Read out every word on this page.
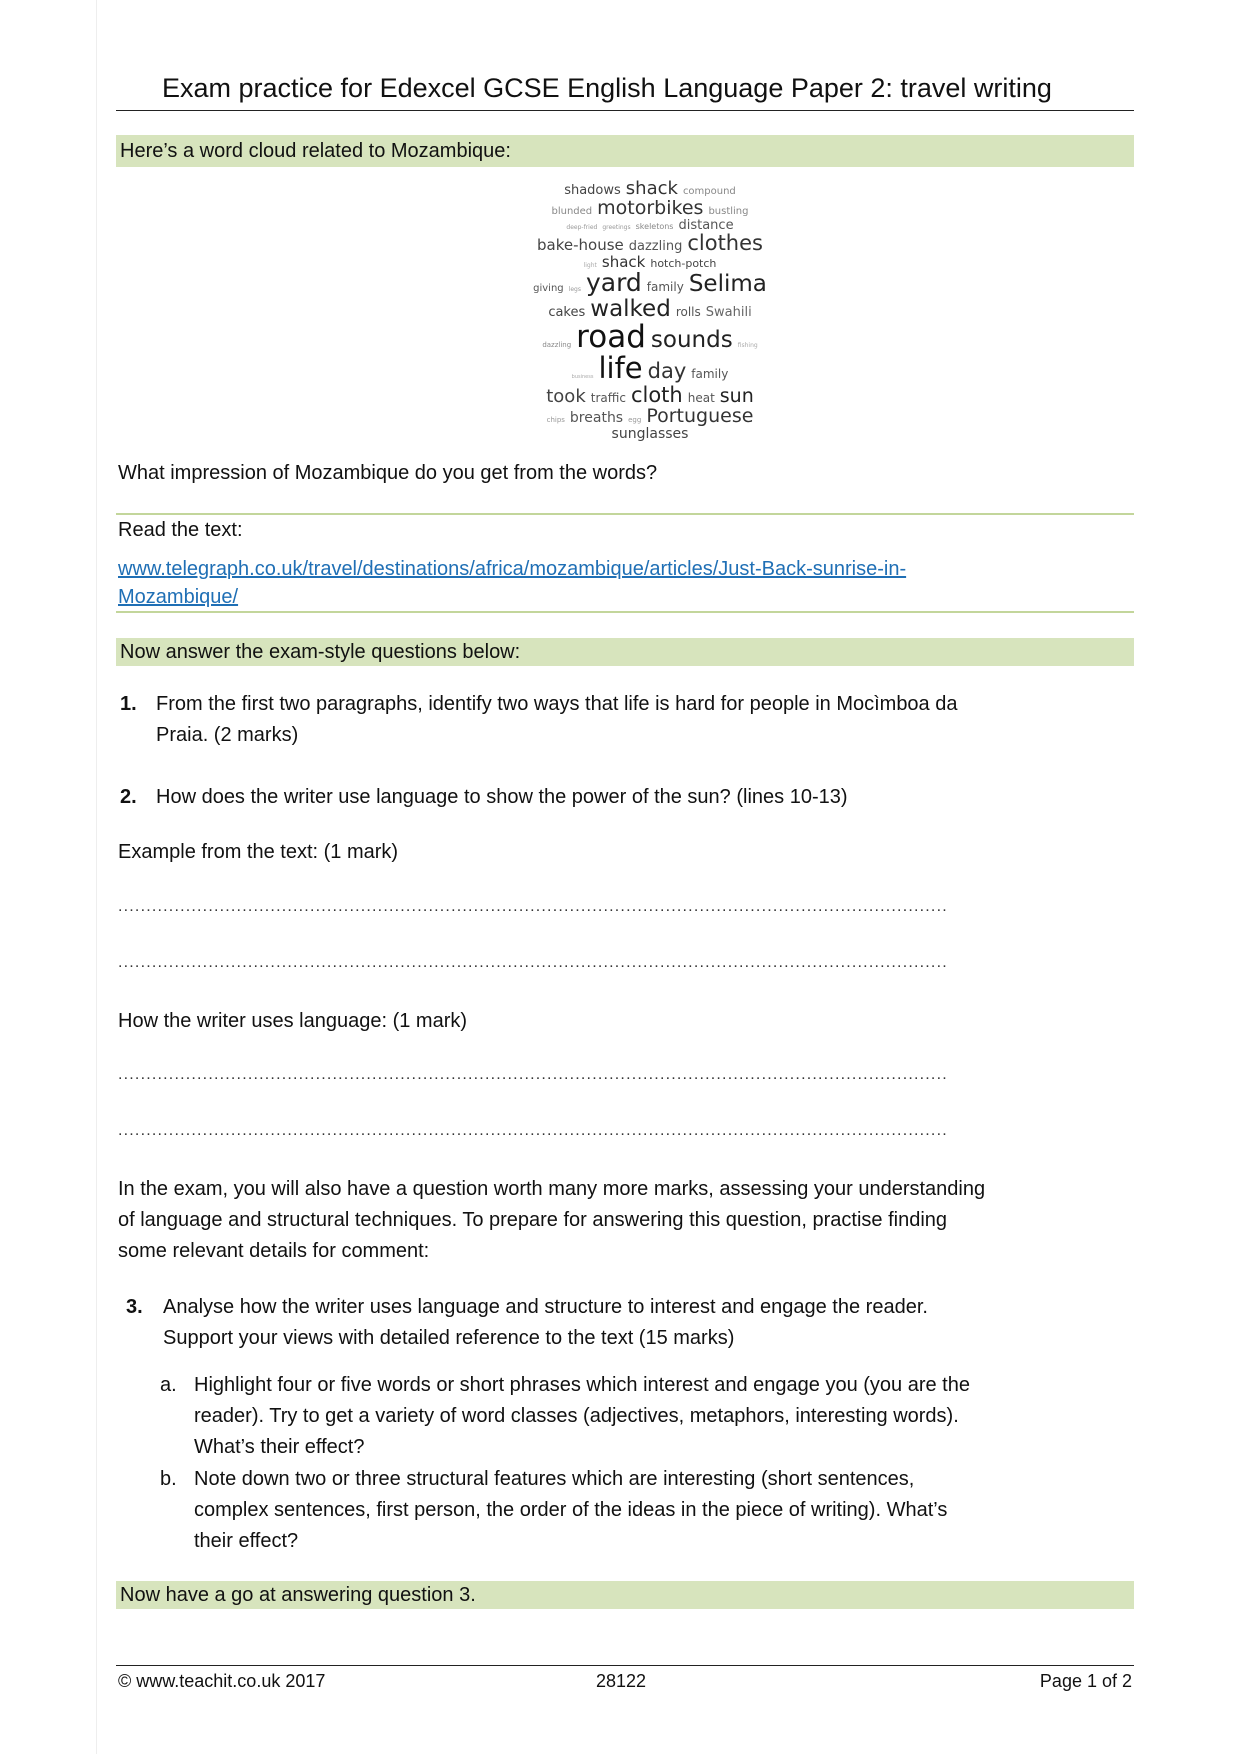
Exam practice for Edexcel GCSE English Language Paper 2: travel writing
Here’s a word cloud related to Mozambique:
shadows shack compound
blunded motorbikes bustling
deep-fried greetings skeletons distance
bake-house dazzling clothes
light shack hotch-potch
giving legs yard family Selima
cakes walked rolls Swahili
dazzling road sounds fishing
business life day family
took traffic cloth heat sun
chips breaths egg Portuguese
sunglasses
What impression of Mozambique do you get from the words?
Read the text:
www.telegraph.co.uk/travel/destinations/africa/mozambique/articles/Just-Back-sunrise-in-
Mozambique/
Now answer the exam-style questions below:
1. From the first two paragraphs, identify two ways that life is hard for people in Mocìmboa da
Praia. (2 marks)
2. How does the writer use language to show the power of the sun? (lines 10-13)
Example from the text: (1 mark)
...................................................................................................................................................
...................................................................................................................................................
How the writer uses language: (1 mark)
...................................................................................................................................................
...................................................................................................................................................
In the exam, you will also have a question worth many more marks, assessing your understanding
of language and structural techniques. To prepare for answering this question, practise finding
some relevant details for comment:
3. Analyse how the writer uses language and structure to interest and engage the reader.
Support your views with detailed reference to the text (15 marks)
a. Highlight four or five words or short phrases which interest and engage you (you are the
reader). Try to get a variety of word classes (adjectives, metaphors, interesting words).
What’s their effect?
b. Note down two or three structural features which are interesting (short sentences,
complex sentences, first person, the order of the ideas in the piece of writing). What’s
their effect?
Now have a go at answering question 3.
© www.teachit.co.uk 2017	28122	Page 1 of 2
